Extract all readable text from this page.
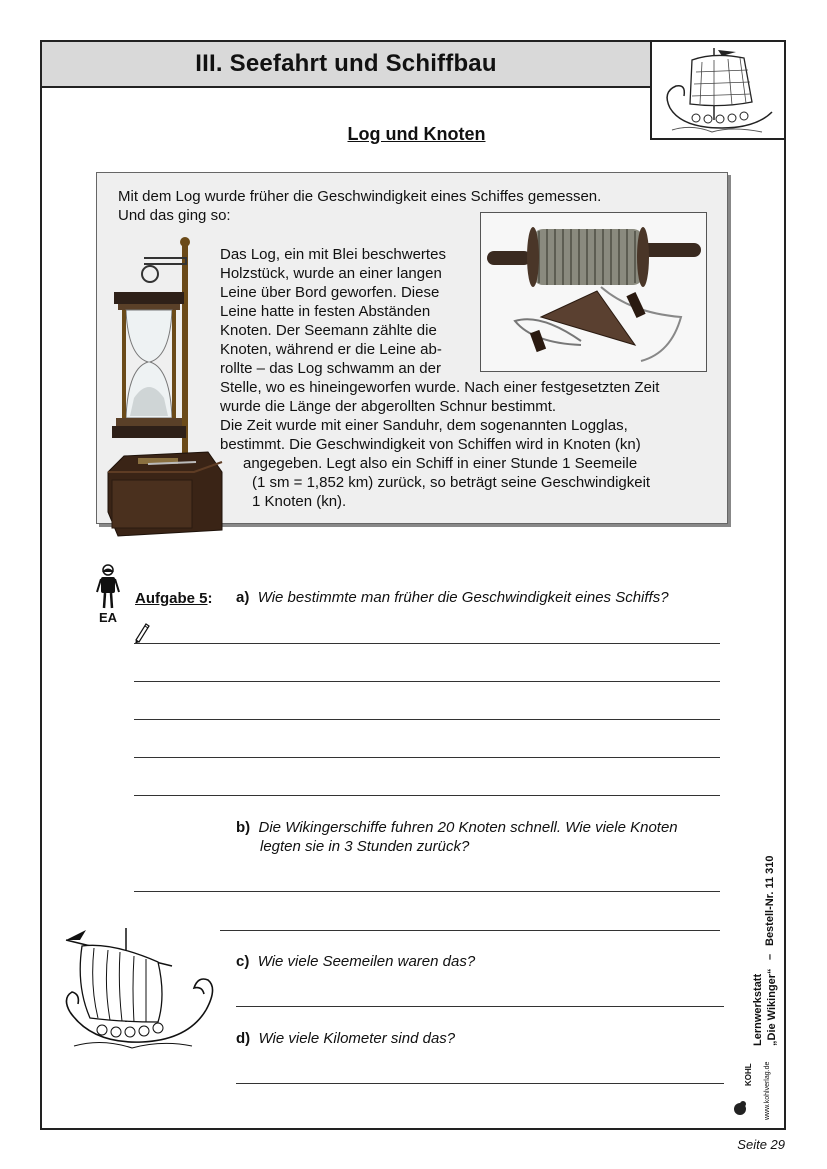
III. Seefahrt und Schiffbau
Log und Knoten
Mit dem Log wurde früher die Geschwindigkeit eines Schiffes gemessen.
Und das ging so:
Das Log, ein mit Blei beschwertes
Holzstück, wurde an einer langen
Leine über Bord geworfen. Diese
Leine hatte in festen Abständen
Knoten. Der Seemann zählte die
Knoten, während er die Leine ab-
rollte – das Log schwamm an der
Stelle, wo es hineingeworfen wurde. Nach einer festgesetzten Zeit
wurde die Länge der abgerollten Schnur bestimmt.
Die Zeit wurde mit einer Sanduhr, dem sogenannten Logglas,
bestimmt. Die Geschwindigkeit von Schiffen wird in Knoten (kn)
angegeben. Legt also ein Schiff in einer Stunde 1 Seemeile
(1 sm = 1,852 km) zurück, so beträgt seine Geschwindigkeit
1 Knoten (kn).
EA
Aufgabe 5: a) Wie bestimmte man früher die Geschwindigkeit eines Schiffs?
b) Die Wikingerschiffe fuhren 20 Knoten schnell. Wie viele Knoten
legten sie in 3 Stunden zurück?
c) Wie viele Seemeilen waren das?
d) Wie viele Kilometer sind das?
Bestell-Nr. 11 310
–
Lernwerkstatt „Die Wikinger“
KOHL www.kohlverlag.de
Seite 29
